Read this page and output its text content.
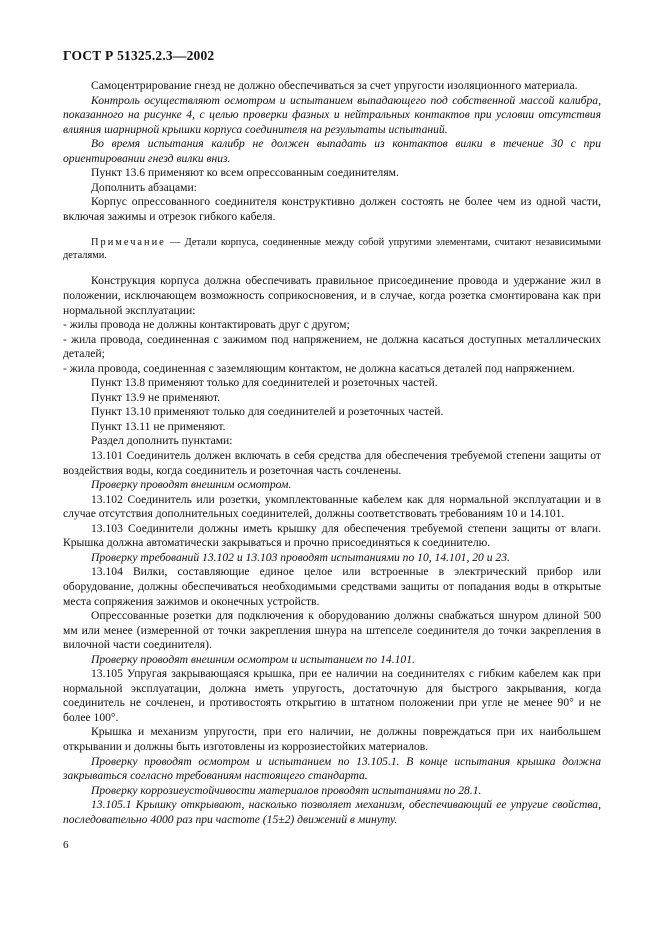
ГОСТ Р 51325.2.3—2002

Самоцентрирование гнезд не должно обеспечиваться за счет упругости изоляционного материала.

Контроль осуществляют осмотром и испытанием выпадающего под собственной массой калибра, показанного на рисунке 4, с целью проверки фазных и нейтральных контактов при условии отсутствия влияния шарнирной крышки корпуса соединителя на результаты испытаний.

Во время испытания калибр не должен выпадать из контактов вилки в течение 30 с при ориентировании гнезд вилки вниз.

Пункт 13.6 применяют ко всем опрессованным соединителям.

Дополнить абзацами:

Корпус опрессованного соединителя конструктивно должен состоять не более чем из одной части, включая зажимы и отрезок гибкого кабеля.

Примечание — Детали корпуса, соединенные между собой упругими элементами, считают независимыми деталями.

Конструкция корпуса должна обеспечивать правильное присоединение провода и удержание жил в положении, исключающем возможность соприкосновения, и в случае, когда розетка смонтирована как при нормальной эксплуатации:

- жилы провода не должны контактировать друг с другом;

- жила провода, соединенная с зажимом под напряжением, не должна касаться доступных металлических деталей;

- жила провода, соединенная с заземляющим контактом, не должна касаться деталей под напряжением.

Пункт 13.8 применяют только для соединителей и розеточных частей.

Пункт 13.9 не применяют.

Пункт 13.10 применяют только для соединителей и розеточных частей.

Пункт 13.11 не применяют.

Раздел дополнить пунктами:

13.101 Соединитель должен включать в себя средства для обеспечения требуемой степени защиты от воздействия воды, когда соединитель и розеточная часть сочленены.

Проверку проводят внешним осмотром.

13.102 Соединитель или розетки, укомплектованные кабелем как для нормальной эксплуатации и в случае отсутствия дополнительных соединителей, должны соответствовать требованиям 10 и 14.101.

13.103 Соединители должны иметь крышку для обеспечения требуемой степени защиты от влаги. Крышка должна автоматически закрываться и прочно присоединяться к соединителю.

Проверку требований 13.102 и 13.103 проводят испытаниями по 10, 14.101, 20 и 23.

13.104 Вилки, составляющие единое целое или встроенные в электрический прибор или оборудование, должны обеспечиваться необходимыми средствами защиты от попадания воды в открытые места сопряжения зажимов и оконечных устройств.

Опрессованные розетки для подключения к оборудованию должны снабжаться шнуром длиной 500 мм или менее (измеренной от точки закрепления шнура на штепселе соединителя до точки закрепления в вилочной части соединителя).

Проверку проводят внешним осмотром и испытанием по 14.101.

13.105 Упругая закрывающаяся крышка, при ее наличии на соединителях с гибким кабелем как при нормальной эксплуатации, должна иметь упругость, достаточную для быстрого закрывания, когда соединитель не сочленен, и противостоять открытию в штатном положении при угле не менее 90° и не более 100°.

Крышка и механизм упругости, при его наличии, не должны повреждаться при их наибольшем открывании и должны быть изготовлены из коррозиестойких материалов.

Проверку проводят осмотром и испытанием по 13.105.1. В конце испытания крышка должна закрываться согласно требованиям настоящего стандарта.

Проверку коррозиеустойчивости материалов проводят испытаниями по 28.1.

13.105.1 Крышку открывают, насколько позволяет механизм, обеспечивающий ее упругие свойства, последовательно 4000 раз при частоте (15±2) движений в минуту.

6
